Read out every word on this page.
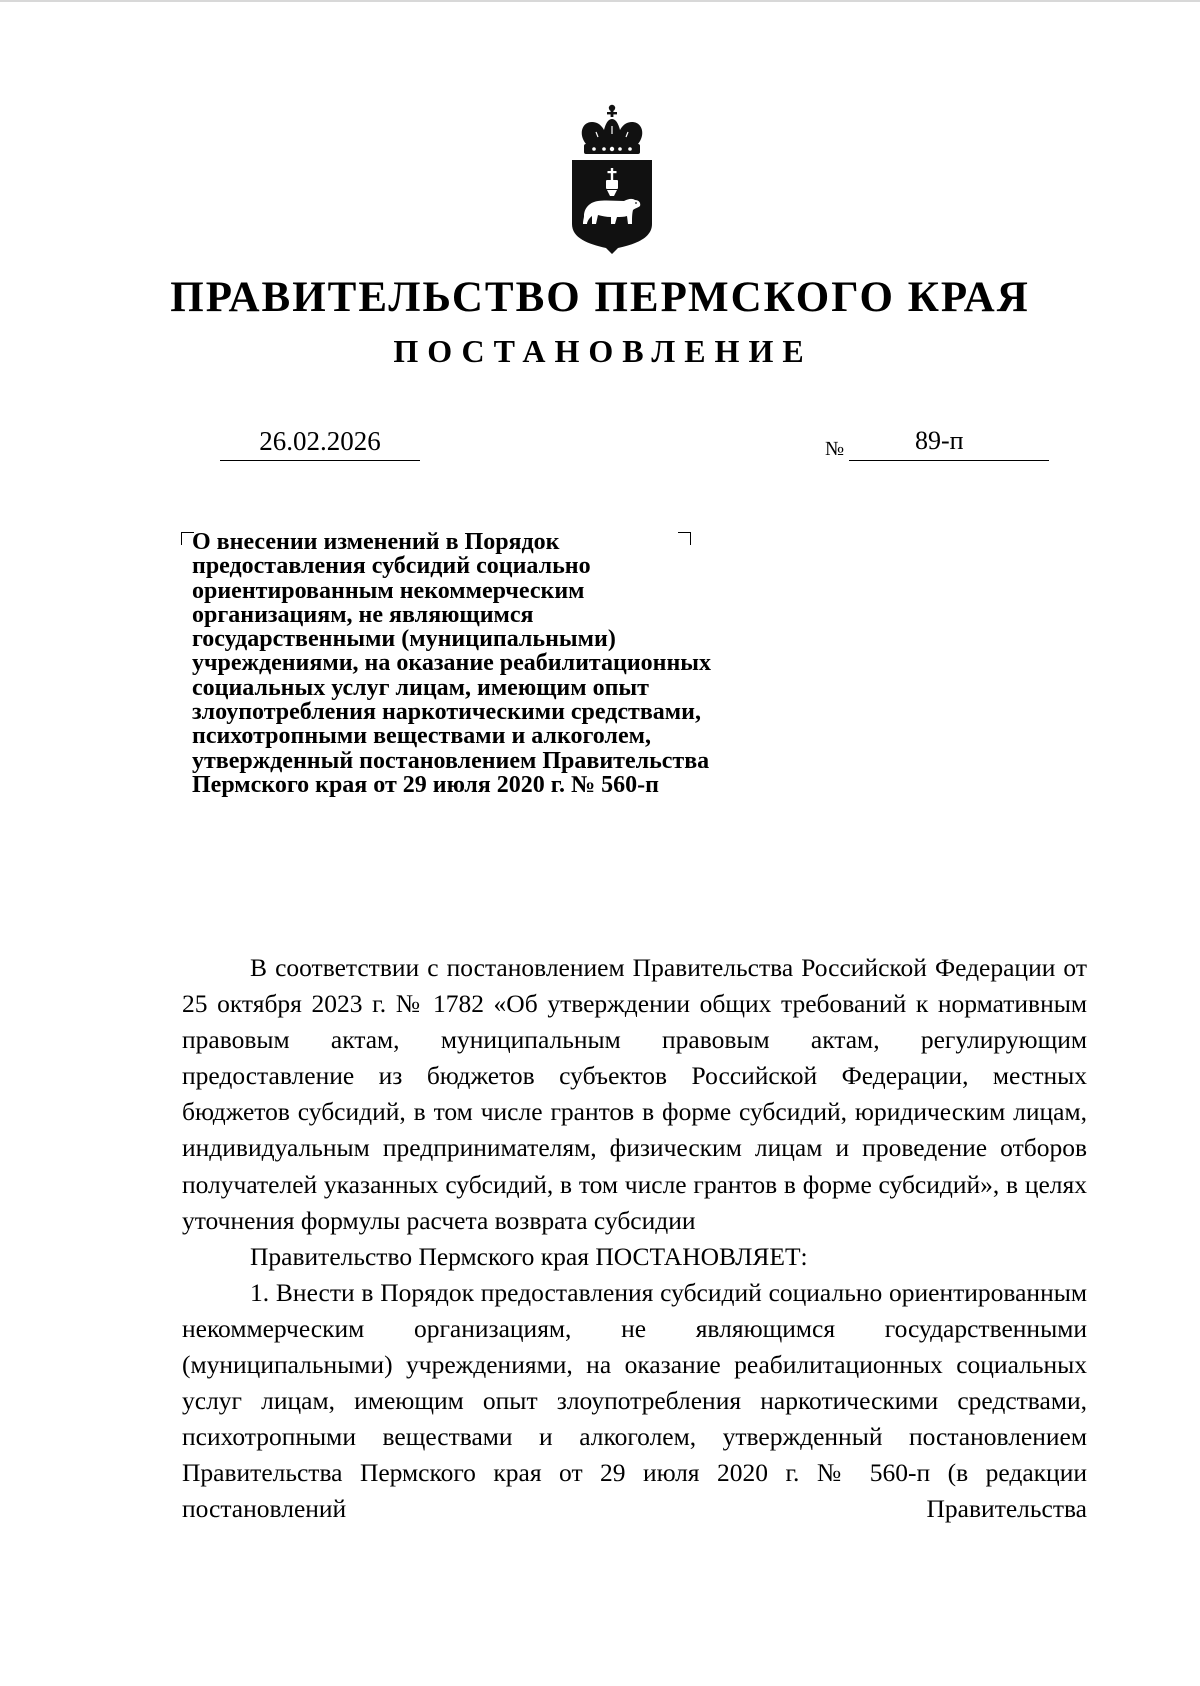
ПРАВИТЕЛЬСТВО ПЕРМСКОГО КРАЯ
ПОСТАНОВЛЕНИЕ
26.02.2026	№	89-п

О внесении изменений в Порядок предоставления субсидий социально ориентированным некоммерческим организациям, не являющимся государственными (муниципальными) учреждениями, на оказание реабилитационных социальных услуг лицам, имеющим опыт злоупотребления наркотическими средствами, психотропными веществами и алкоголем, утвержденный постановлением Правительства Пермского края от 29 июля 2020 г. № 560-п

В соответствии с постановлением Правительства Российской Федерации от 25 октября 2023 г. № 1782 «Об утверждении общих требований к нормативным правовым актам, муниципальным правовым актам, регулирующим предоставление из бюджетов субъектов Российской Федерации, местных бюджетов субсидий, в том числе грантов в форме субсидий, юридическим лицам, индивидуальным предпринимателям, физическим лицам и проведение отборов получателей указанных субсидий, в том числе грантов в форме субсидий», в целях уточнения формулы расчета возврата субсидии

Правительство Пермского края ПОСТАНОВЛЯЕТ:

1. Внести в Порядок предоставления субсидий социально ориентированным некоммерческим организациям, не являющимся государственными (муниципальными) учреждениями, на оказание реабилитационных социальных услуг лицам, имеющим опыт злоупотребления наркотическими средствами, психотропными веществами и алкоголем, утвержденный постановлением Правительства Пермского края от 29 июля 2020 г. № 560-п (в редакции постановлений Правительства
